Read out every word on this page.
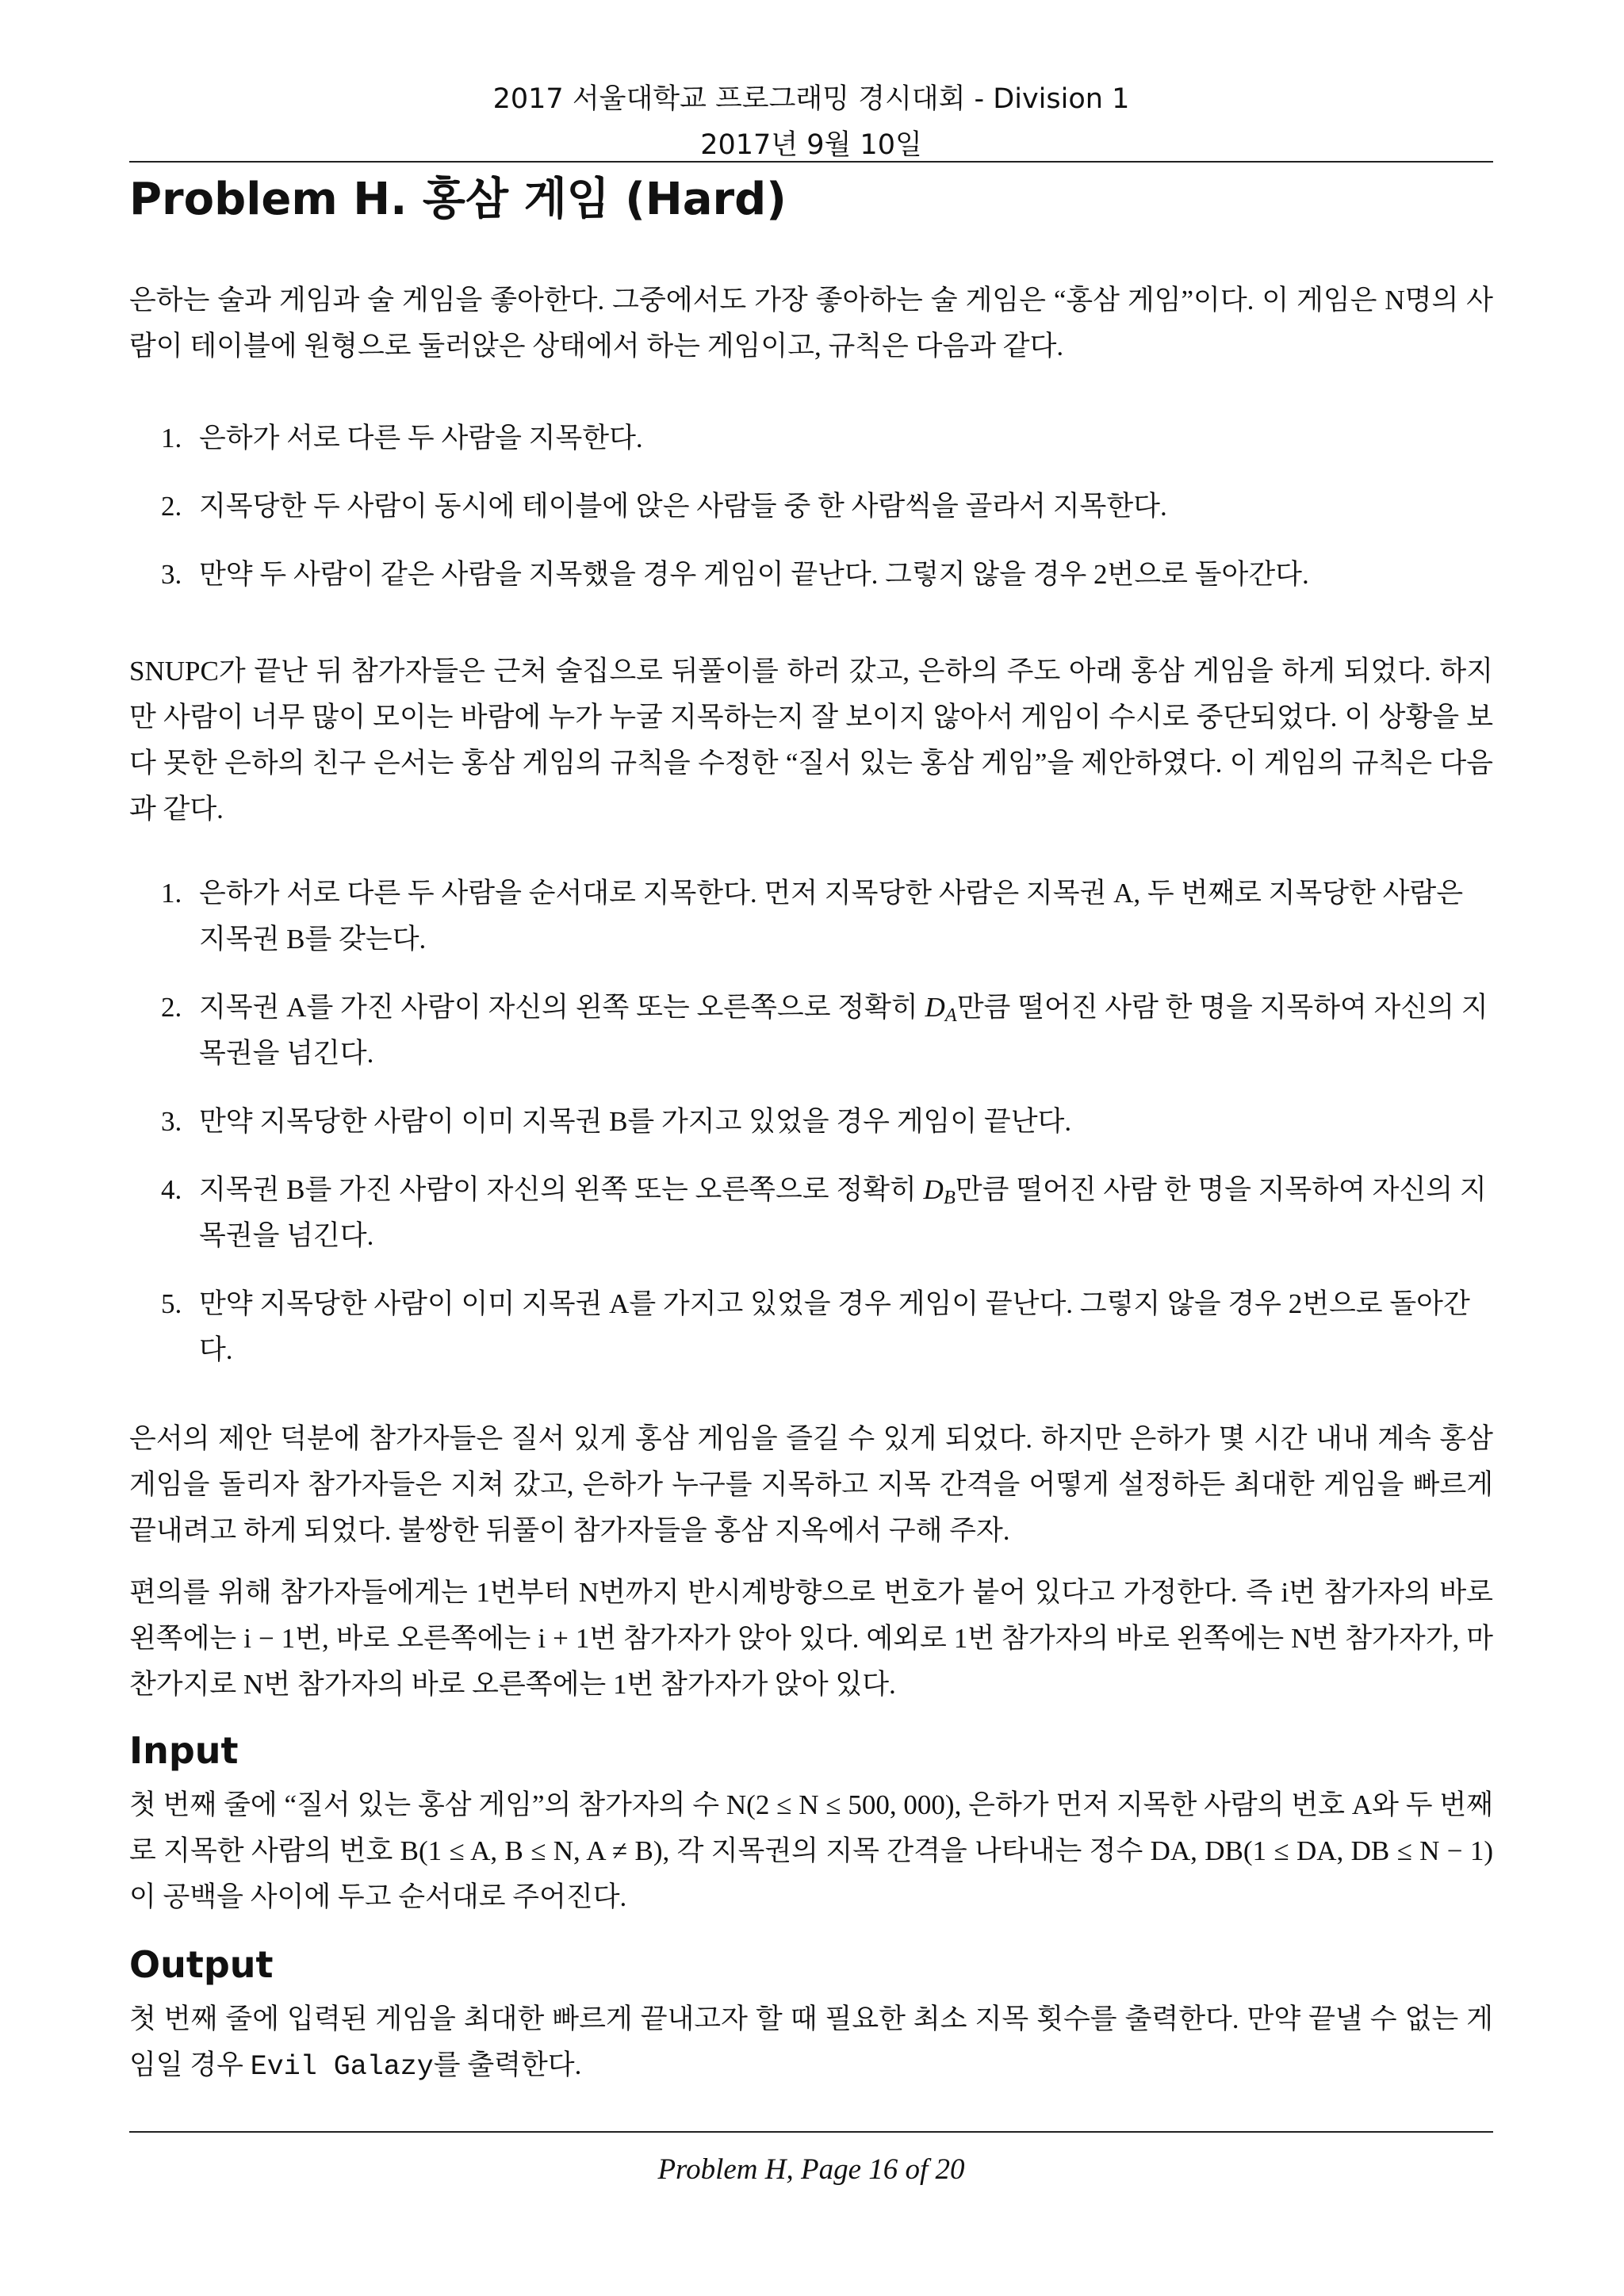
2017 서울대학교 프로그래밍 경시대회 - Division 1
2017년 9월 10일
Problem H. 홍삼 게임 (Hard)
은하는 술과 게임과 술 게임을 좋아한다. 그중에서도 가장 좋아하는 술 게임은 “홍삼 게임”이다. 이 게임은 N명의 사람이 테이블에 원형으로 둘러앉은 상태에서 하는 게임이고, 규칙은 다음과 같다.
1. 은하가 서로 다른 두 사람을 지목한다.
2. 지목당한 두 사람이 동시에 테이블에 앉은 사람들 중 한 사람씩을 골라서 지목한다.
3. 만약 두 사람이 같은 사람을 지목했을 경우 게임이 끝난다. 그렇지 않을 경우 2번으로 돌아간다.
SNUPC가 끝난 뒤 참가자들은 근처 술집으로 뒤풀이를 하러 갔고, 은하의 주도 아래 홍삼 게임을 하게 되었다. 하지만 사람이 너무 많이 모이는 바람에 누가 누굴 지목하는지 잘 보이지 않아서 게임이 수시로 중단되었다. 이 상황을 보다 못한 은하의 친구 은서는 홍삼 게임의 규칙을 수정한 “질서 있는 홍삼 게임”을 제안하였다. 이 게임의 규칙은 다음과 같다.
1. 은하가 서로 다른 두 사람을 순서대로 지목한다. 먼저 지목당한 사람은 지목권 A, 두 번째로 지목당한 사람은 지목권 B를 갖는다.
2. 지목권 A를 가진 사람이 자신의 왼쪽 또는 오른쪽으로 정확히 $D_A$만큼 떨어진 사람 한 명을 지목하여 자신의 지목권을 넘긴다.
3. 만약 지목당한 사람이 이미 지목권 B를 가지고 있었을 경우 게임이 끝난다.
4. 지목권 B를 가진 사람이 자신의 왼쪽 또는 오른쪽으로 정확히 $D_B$만큼 떨어진 사람 한 명을 지목하여 자신의 지목권을 넘긴다.
5. 만약 지목당한 사람이 이미 지목권 A를 가지고 있었을 경우 게임이 끝난다. 그렇지 않을 경우 2번으로 돌아간다.
은서의 제안 덕분에 참가자들은 질서 있게 홍삼 게임을 즐길 수 있게 되었다. 하지만 은하가 몇 시간 내내 계속 홍삼 게임을 돌리자 참가자들은 지쳐 갔고, 은하가 누구를 지목하고 지목 간격을 어떻게 설정하든 최대한 게임을 빠르게 끝내려고 하게 되었다. 불쌍한 뒤풀이 참가자들을 홍삼 지옥에서 구해 주자.
편의를 위해 참가자들에게는 1번부터 N번까지 반시계방향으로 번호가 붙어 있다고 가정한다. 즉 i번 참가자의 바로 왼쪽에는 i − 1번, 바로 오른쪽에는 i + 1번 참가자가 앉아 있다. 예외로 1번 참가자의 바로 왼쪽에는 N번 참가자가, 마찬가지로 N번 참가자의 바로 오른쪽에는 1번 참가자가 앉아 있다.
Input
첫 번째 줄에 “질서 있는 홍삼 게임”의 참가자의 수 N(2 ≤ N ≤ 500, 000), 은하가 먼저 지목한 사람의 번호 A와 두 번째로 지목한 사람의 번호 B(1 ≤ A, B ≤ N, A ≠ B), 각 지목권의 지목 간격을 나타내는 정수 DA, DB(1 ≤ DA, DB ≤ N − 1)이 공백을 사이에 두고 순서대로 주어진다.
Output
첫 번째 줄에 입력된 게임을 최대한 빠르게 끝내고자 할 때 필요한 최소 지목 횟수를 출력한다. 만약 끝낼 수 없는 게임일 경우 Evil Galazy를 출력한다.
Problem H, Page 16 of 20
